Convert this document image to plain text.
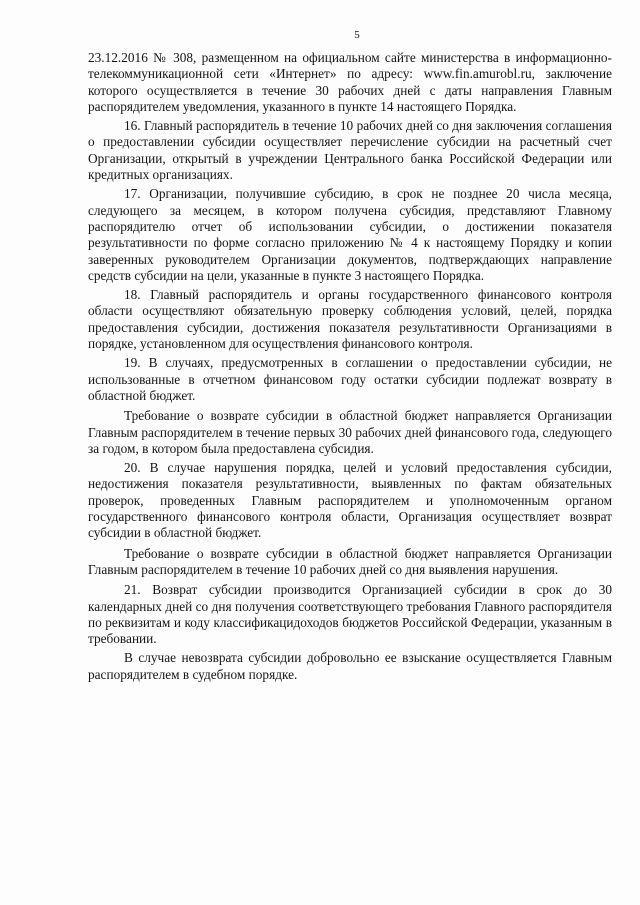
5

23.12.2016 № 308, размещенном на официальном сайте министерства в информационно-телекоммуникационной сети «Интернет» по адресу: www.fin.amurobl.ru, заключение которого осуществляется в течение 30 рабочих дней с даты направления Главным распорядителем уведомления, указанного в пункте 14 настоящего Порядка.

16. Главный распорядитель в течение 10 рабочих дней со дня заключения соглашения о предоставлении субсидии осуществляет перечисление субсидии на расчетный счет Организации, открытый в учреждении Центрального банка Российской Федерации или кредитных организациях.

17. Организации, получившие субсидию, в срок не позднее 20 числа месяца, следующего за месяцем, в котором получена субсидия, представляют Главному распорядителю отчет об использовании субсидии, о достижении показателя результативности по форме согласно приложению № 4 к настоящему Порядку и копии заверенных руководителем Организации документов, подтверждающих направление средств субсидии на цели, указанные в пункте 3 настоящего Порядка.

18. Главный распорядитель и органы государственного финансового контроля области осуществляют обязательную проверку соблюдения условий, целей, порядка предоставления субсидии, достижения показателя результативности Организациями в порядке, установленном для осуществления финансового контроля.

19. В случаях, предусмотренных в соглашении о предоставлении субсидии, не использованные в отчетном финансовом году остатки субсидии подлежат возврату в областной бюджет.

Требование о возврате субсидии в областной бюджет направляется Организации Главным распорядителем в течение первых 30 рабочих дней финансового года, следующего за годом, в котором была предоставлена субсидия.

20. В случае нарушения порядка, целей и условий предоставления субсидии, недостижения показателя результативности, выявленных по фактам обязательных проверок, проведенных Главным распорядителем и уполномоченным органом государственного финансового контроля области, Организация осуществляет возврат субсидии в областной бюджет.

Требование о возврате субсидии в областной бюджет направляется Организации Главным распорядителем в течение 10 рабочих дней со дня выявления нарушения.

21. Возврат субсидии производится Организацией субсидии в срок до 30 календарных дней со дня получения соответствующего требования Главного распорядителя по реквизитам и коду классификацидоходов бюджетов Российской Федерации, указанным в требовании.

В случае невозврата субсидии добровольно ее взыскание осуществляется Главным распорядителем в судебном порядке.
